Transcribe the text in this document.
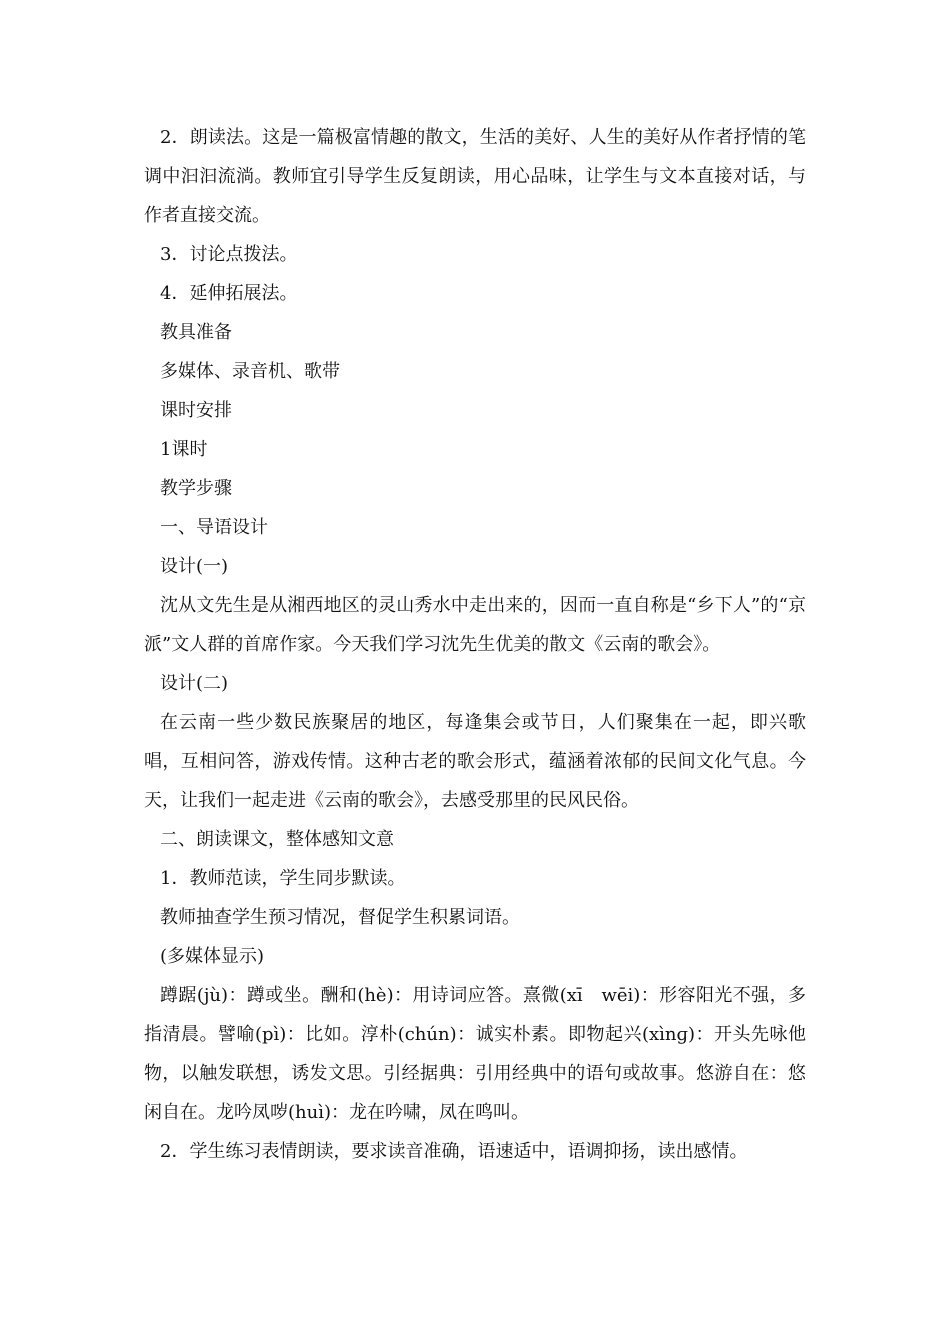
2．朗读法。这是一篇极富情趣的散文，生活的美好、人生的美好从作者抒情的笔调中汩汩流淌。教师宜引导学生反复朗读，用心品味，让学生与文本直接对话，与作者直接交流。

3．讨论点拨法。

4．延伸拓展法。

教具准备

多媒体、录音机、歌带

课时安排

1课时

教学步骤

一、导语设计

设计(一)

沈从文先生是从湘西地区的灵山秀水中走出来的，因而一直自称是“乡下人”的“京派”文人群的首席作家。今天我们学习沈先生优美的散文《云南的歌会》。

设计(二)

在云南一些少数民族聚居的地区，每逢集会或节日，人们聚集在一起，即兴歌唱，互相问答，游戏传情。这种古老的歌会形式，蕴涵着浓郁的民间文化气息。今天，让我们一起走进《云南的歌会》，去感受那里的民风民俗。

二、朗读课文，整体感知文意

1．教师范读，学生同步默读。

教师抽查学生预习情况，督促学生积累词语。

(多媒体显示)

蹲踞(jù)：蹲或坐。酬和(hè)：用诗词应答。熹微(xī　wēi)：形容阳光不强，多指清晨。譬喻(pì)：比如。淳朴(chún)：诚实朴素。即物起兴(xìnɡ)：开头先咏他物，以触发联想，诱发文思。引经据典：引用经典中的语句或故事。悠游自在：悠闲自在。龙吟凤哕(huì)：龙在吟啸，凤在鸣叫。

2．学生练习表情朗读，要求读音准确，语速适中，语调抑扬，读出感情。
